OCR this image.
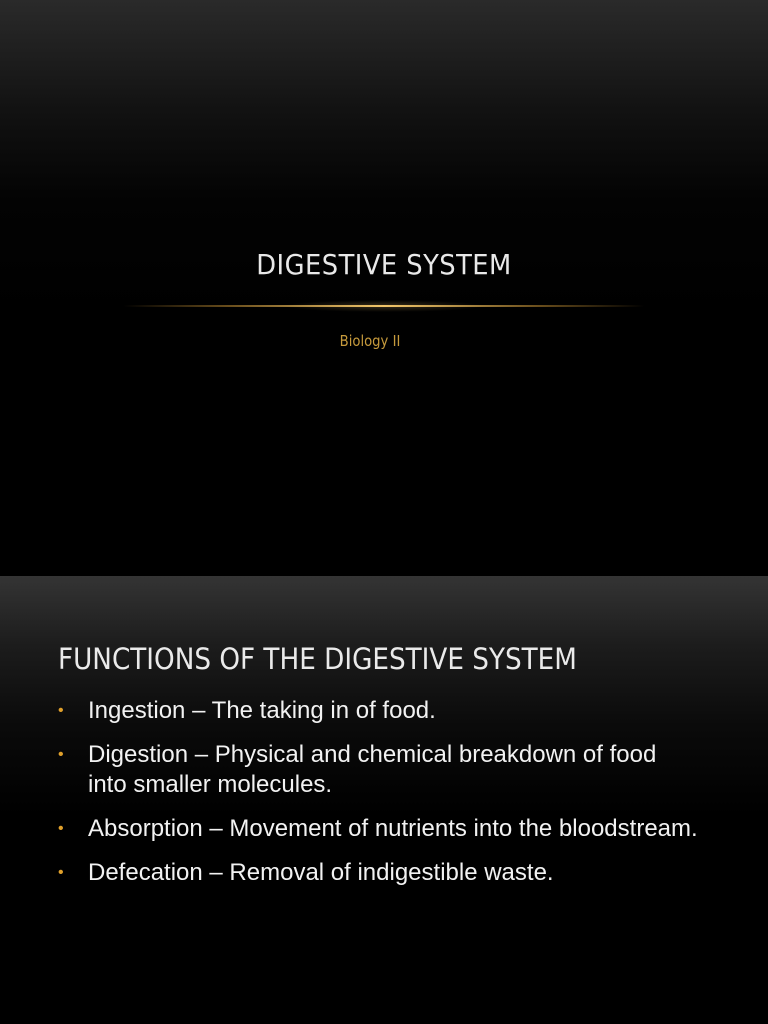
DIGESTIVE SYSTEM

Biology II

FUNCTIONS OF THE DIGESTIVE SYSTEM
• Ingestion – The taking in of food.
• Digestion – Physical and chemical breakdown of food into smaller molecules.
• Absorption – Movement of nutrients into the bloodstream.
• Defecation – Removal of indigestible waste.
